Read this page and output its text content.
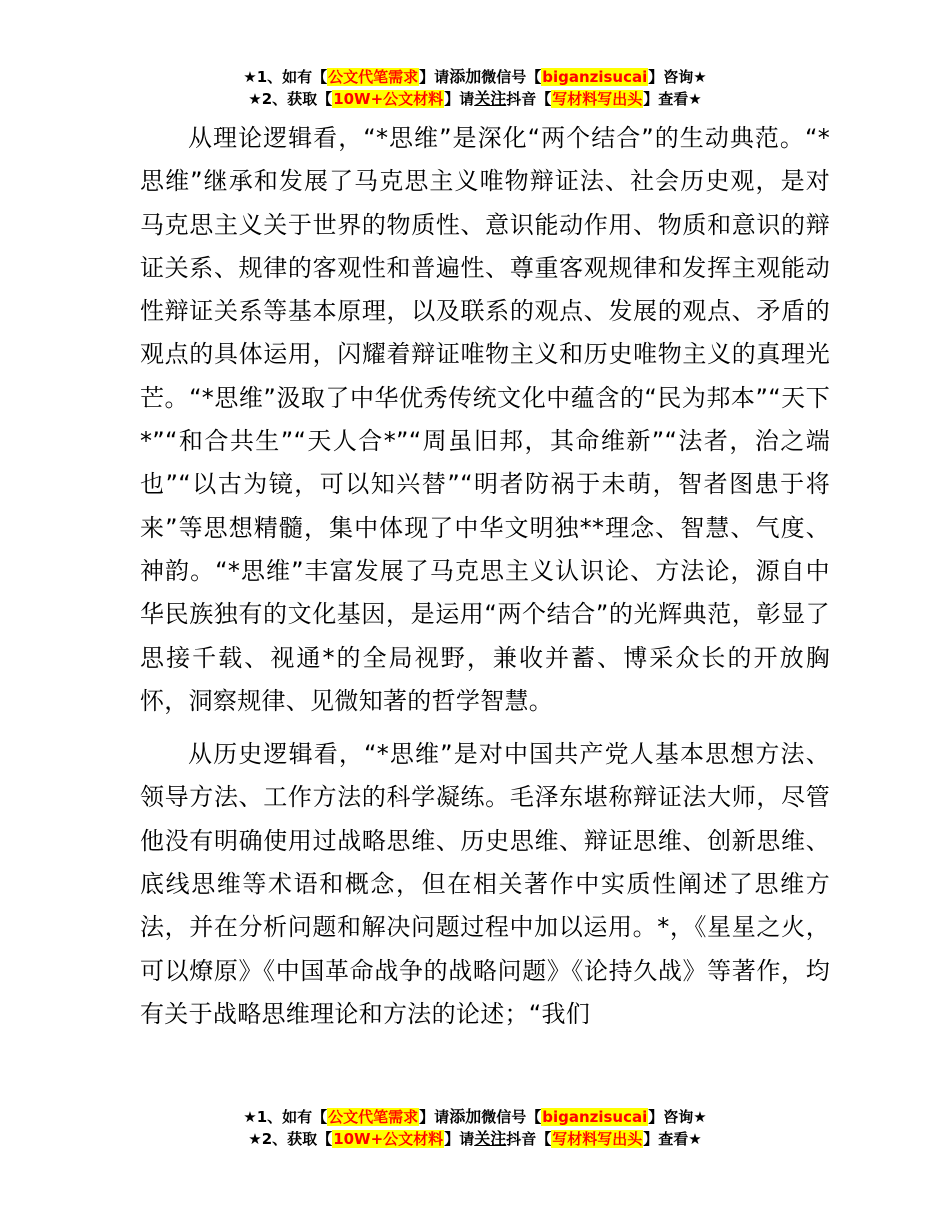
★1、如有【公文代笔需求】请添加微信号【biganzisucai】咨询★
★2、获取【10W+公文材料】请关注抖音【写材料写出头】查看★

从理论逻辑看，“*思维”是深化“两个结合”的生动典范。“*思维”继承和发展了马克思主义唯物辩证法、社会历史观，是对马克思主义关于世界的物质性、意识能动作用、物质和意识的辩证关系、规律的客观性和普遍性、尊重客观规律和发挥主观能动性辩证关系等基本原理，以及联系的观点、发展的观点、矛盾的观点的具体运用，闪耀着辩证唯物主义和历史唯物主义的真理光芒。“*思维”汲取了中华优秀传统文化中蕴含的“民为邦本”“天下*”“和合共生”“天人合*”“周虽旧邦，其命维新”“法者，治之端也”“以古为镜，可以知兴替”“明者防祸于未萌，智者图患于将来”等思想精髓，集中体现了中华文明独**理念、智慧、气度、神韵。“*思维”丰富发展了马克思主义认识论、方法论，源自中华民族独有的文化基因，是运用“两个结合”的光辉典范，彰显了思接千载、视通*的全局视野，兼收并蓄、博采众长的开放胸怀，洞察规律、见微知著的哲学智慧。

从历史逻辑看，“*思维”是对中国共产党人基本思想方法、领导方法、工作方法的科学凝练。毛泽东堪称辩证法大师，尽管他没有明确使用过战略思维、历史思维、辩证思维、创新思维、底线思维等术语和概念，但在相关著作中实质性阐述了思维方法，并在分析问题和解决问题过程中加以运用。*，《星星之火，可以燎原》《中国革命战争的战略问题》《论持久战》等著作，均有关于战略思维理论和方法的论述；“我们

★1、如有【公文代笔需求】请添加微信号【biganzisucai】咨询★
★2、获取【10W+公文材料】请关注抖音【写材料写出头】查看★
